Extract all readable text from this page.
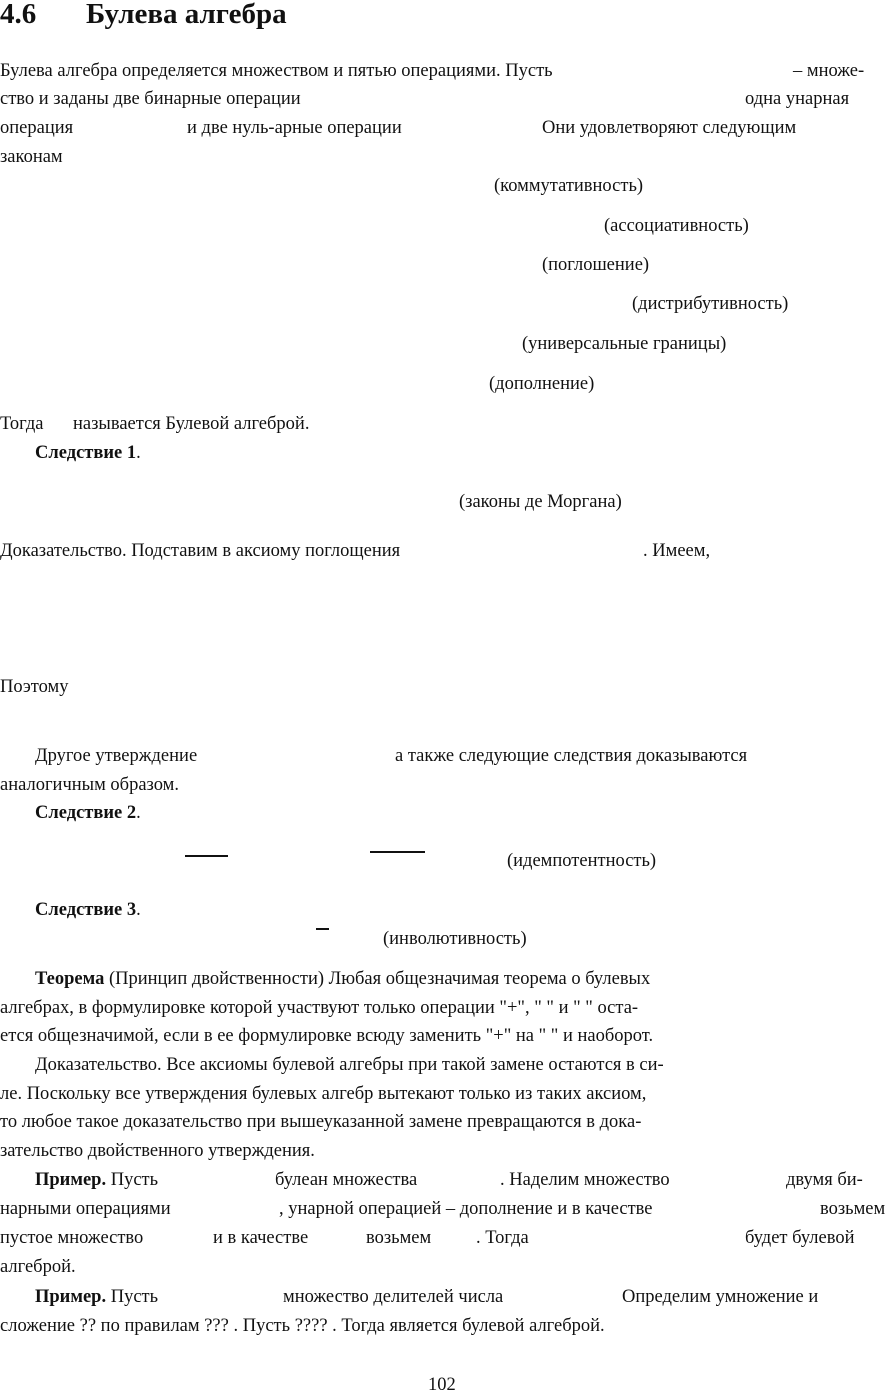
4.6 Булева алгебра
Булева алгебра определяется множеством и пятью операциями. Пусть	– множе-
ство и заданы две бинарные операции	одна унарная
операция	и две нуль-арные операции	Они удовлетворяют следующим
законам
(коммутативность)
(ассоциативность)
(поглошение)
(дистрибутивность)
(универсальные границы)
(дополнение)
Тогда называется Булевой алгеброй.
Следствие 1.
(законы де Моргана)
Доказательство. Подставим в аксиому поглощения	. Имеем,
Поэтому
Другое утверждение	а также следующие следствия доказываются
аналогичным образом.
Следствие 2.
(идемпотентность)
Следствие 3.
(инволютивность)
Теорема (Принцип двойственности) Любая общезначимая теорема о булевых
алгебрах, в формулировке которой участвуют только операции "+", " " и " " оста-
ется общезначимой, если в ее формулировке всюду заменить "+" на " " и наоборот.
Доказательство. Все аксиомы булевой алгебры при такой замене остаются в си-
ле. Поскольку все утверждения булевых алгебр вытекают только из таких аксиом,
то любое такое доказательство при вышеуказанной замене превращаются в дока-
зательство двойственного утверждения.
Пример. Пусть	булеан множества	. Наделим множество	двумя би-
нарными операциями	, унарной операцией – дополнение и в качестве	возьмем
пустое множество	и в качестве	возьмем . Тогда	будет булевой
алгеброй.
Пример. Пусть	множество делителей числа	Определим умножение и
сложение ?? по правилам ??? . Пусть ???? . Тогда является булевой алгеброй.
102
